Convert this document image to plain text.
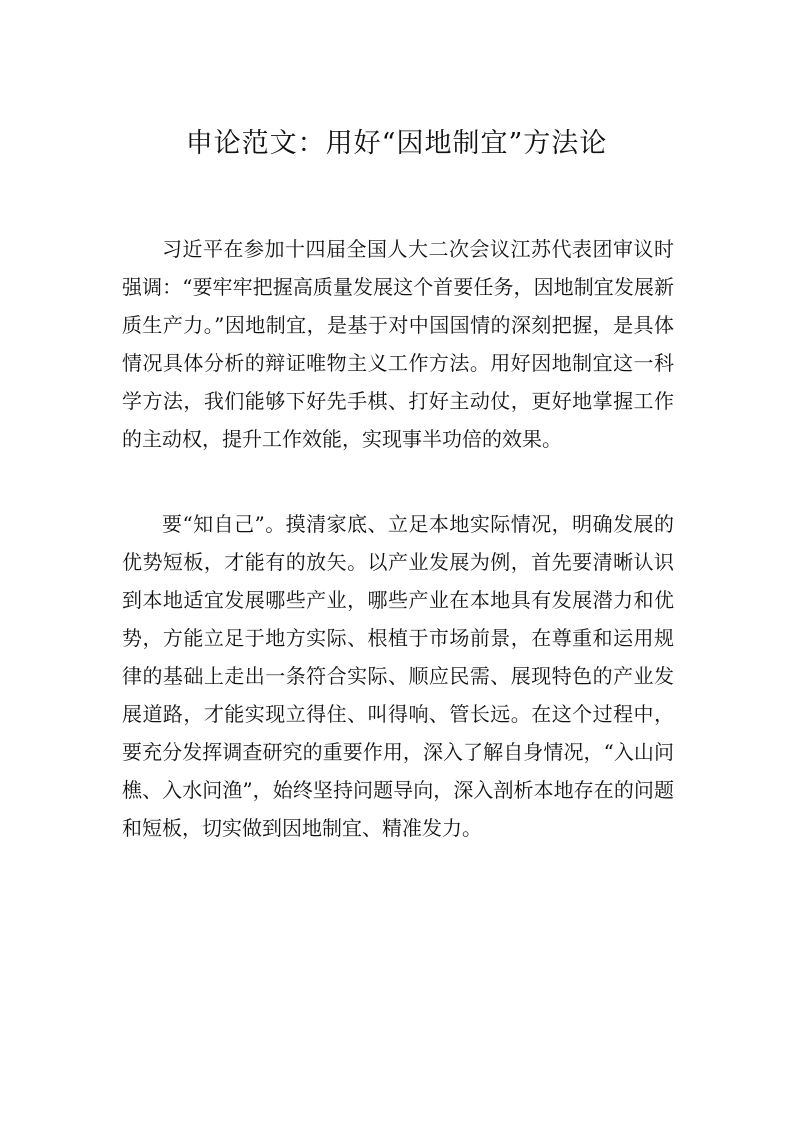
申论范文：用好“因地制宜”方法论

习近平在参加十四届全国人大二次会议江苏代表团审议时强调：“要牢牢把握高质量发展这个首要任务，因地制宜发展新质生产力。”因地制宜，是基于对中国国情的深刻把握，是具体情况具体分析的辩证唯物主义工作方法。用好因地制宜这一科学方法，我们能够下好先手棋、打好主动仗，更好地掌握工作的主动权，提升工作效能，实现事半功倍的效果。

要“知自己”。摸清家底、立足本地实际情况，明确发展的优势短板，才能有的放矢。以产业发展为例，首先要清晰认识到本地适宜发展哪些产业，哪些产业在本地具有发展潜力和优势，方能立足于地方实际、根植于市场前景，在尊重和运用规律的基础上走出一条符合实际、顺应民需、展现特色的产业发展道路，才能实现立得住、叫得响、管长远。在这个过程中，要充分发挥调查研究的重要作用，深入了解自身情况，“入山问樵、入水问渔”，始终坚持问题导向，深入剖析本地存在的问题和短板，切实做到因地制宜、精准发力。
